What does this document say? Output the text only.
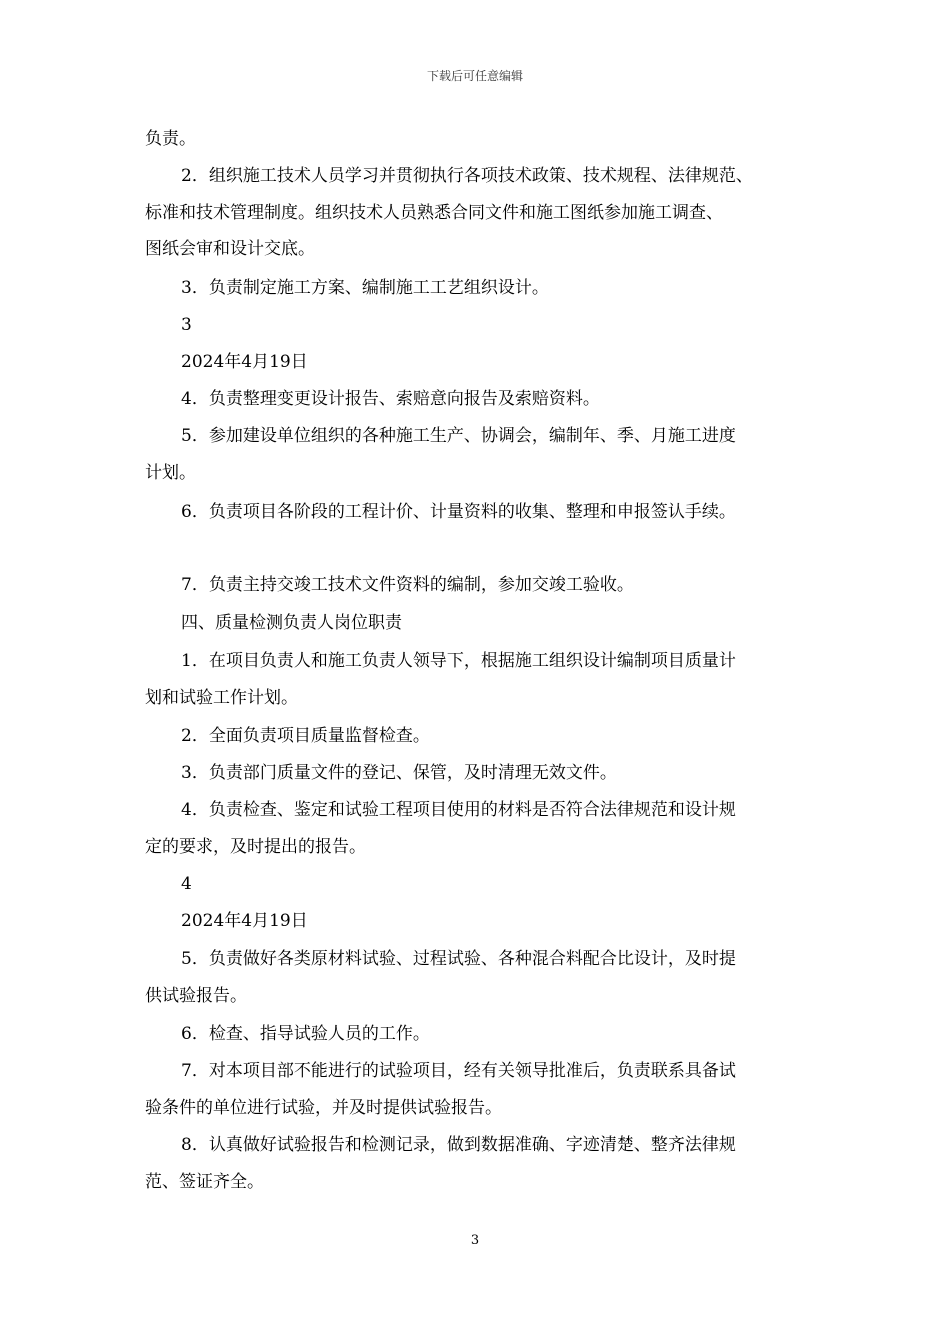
下载后可任意编辑
负责。
2．组织施工技术人员学习并贯彻执行各项技术政策、技术规程、法律规范、
标准和技术管理制度。组织技术人员熟悉合同文件和施工图纸参加施工调查、
图纸会审和设计交底。
3．负责制定施工方案、编制施工工艺组织设计。
3
2024年4月19日
4．负责整理变更设计报告、索赔意向报告及索赔资料。
5．参加建设单位组织的各种施工生产、协调会，编制年、季、月施工进度
计划。
6．负责项目各阶段的工程计价、计量资料的收集、整理和申报签认手续。
7．负责主持交竣工技术文件资料的编制，参加交竣工验收。
四、质量检测负责人岗位职责
1．在项目负责人和施工负责人领导下，根据施工组织设计编制项目质量计
划和试验工作计划。
2．全面负责项目质量监督检查。
3．负责部门质量文件的登记、保管，及时清理无效文件。
4．负责检查、鉴定和试验工程项目使用的材料是否符合法律规范和设计规
定的要求，及时提出的报告。
4
2024年4月19日
5．负责做好各类原材料试验、过程试验、各种混合料配合比设计，及时提
供试验报告。
6．检查、指导试验人员的工作。
7．对本项目部不能进行的试验项目，经有关领导批准后，负责联系具备试
验条件的单位进行试验，并及时提供试验报告。
8．认真做好试验报告和检测记录，做到数据准确、字迹清楚、整齐法律规
范、签证齐全。
3
